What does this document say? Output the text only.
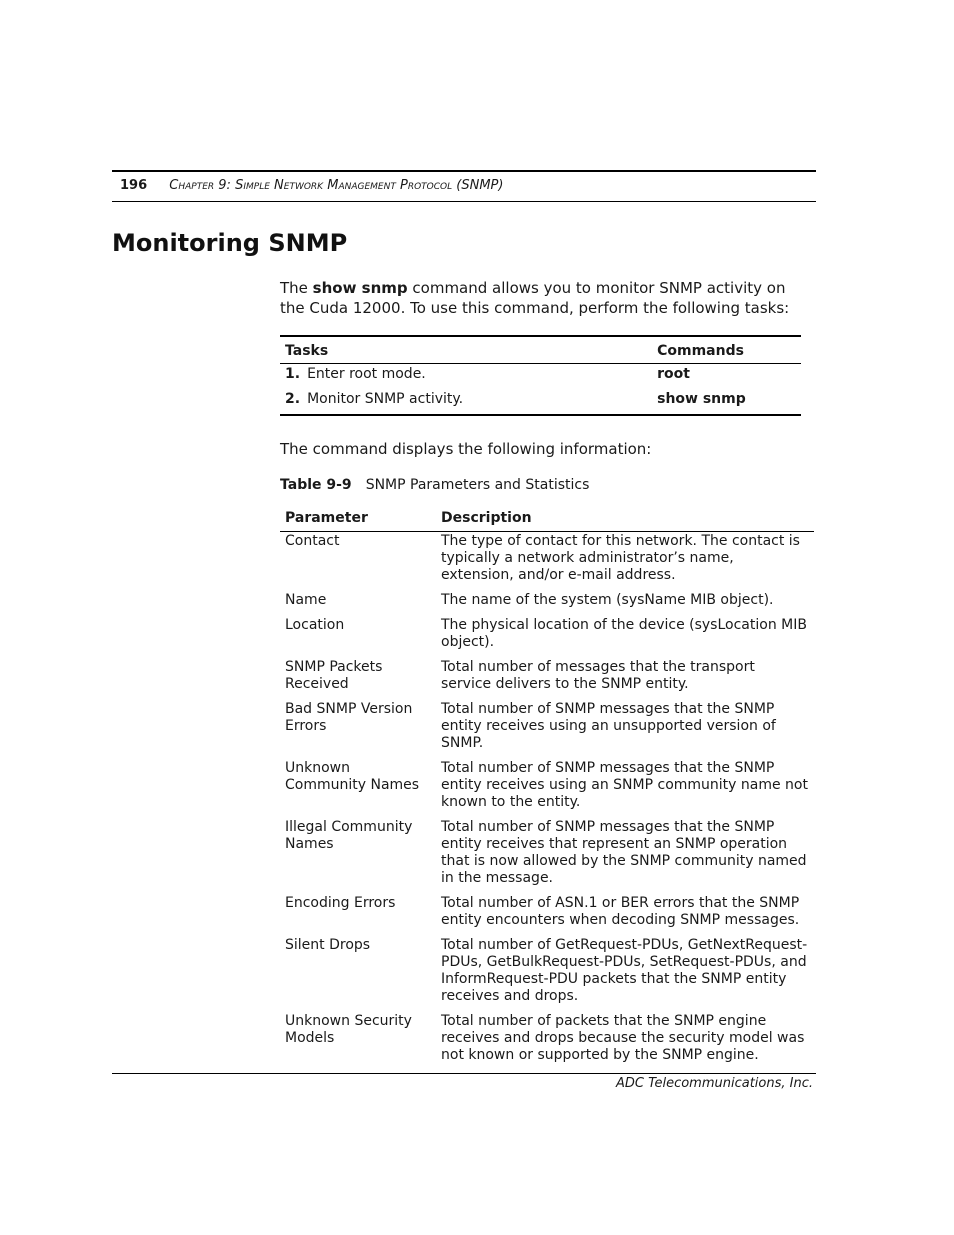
196 Chapter 9: Simple Network Management Protocol (SNMP)
Monitoring SNMP

The show snmp command allows you to monitor SNMP activity on the Cuda 12000. To use this command, perform the following tasks:

Tasks		Commands
1.	Enter root mode.	root
2.	Monitor SNMP activity.	show snmp

The command displays the following information:

Table 9-9 SNMP Parameters and Statistics

Parameter	Description
Contact	The type of contact for this network. The contact is typically a network administrator’s name, extension, and/or e-mail address.
Name	The name of the system (sysName MIB object).
Location	The physical location of the device (sysLocation MIB object).
SNMP Packets Received	Total number of messages that the transport service delivers to the SNMP entity.
Bad SNMP Version Errors	Total number of SNMP messages that the SNMP entity receives using an unsupported version of SNMP.
Unknown Community Names	Total number of SNMP messages that the SNMP entity receives using an SNMP community name not known to the entity.
Illegal Community Names	Total number of SNMP messages that the SNMP entity receives that represent an SNMP operation that is now allowed by the SNMP community named in the message.
Encoding Errors	Total number of ASN.1 or BER errors that the SNMP entity encounters when decoding SNMP messages.
Silent Drops	Total number of GetRequest-PDUs, GetNextRequest-PDUs, GetBulkRequest-PDUs, SetRequest-PDUs, and InformRequest-PDU packets that the SNMP entity receives and drops.
Unknown Security Models	Total number of packets that the SNMP engine receives and drops because the security model was not known or supported by the SNMP engine.
ADC Telecommunications, Inc.
